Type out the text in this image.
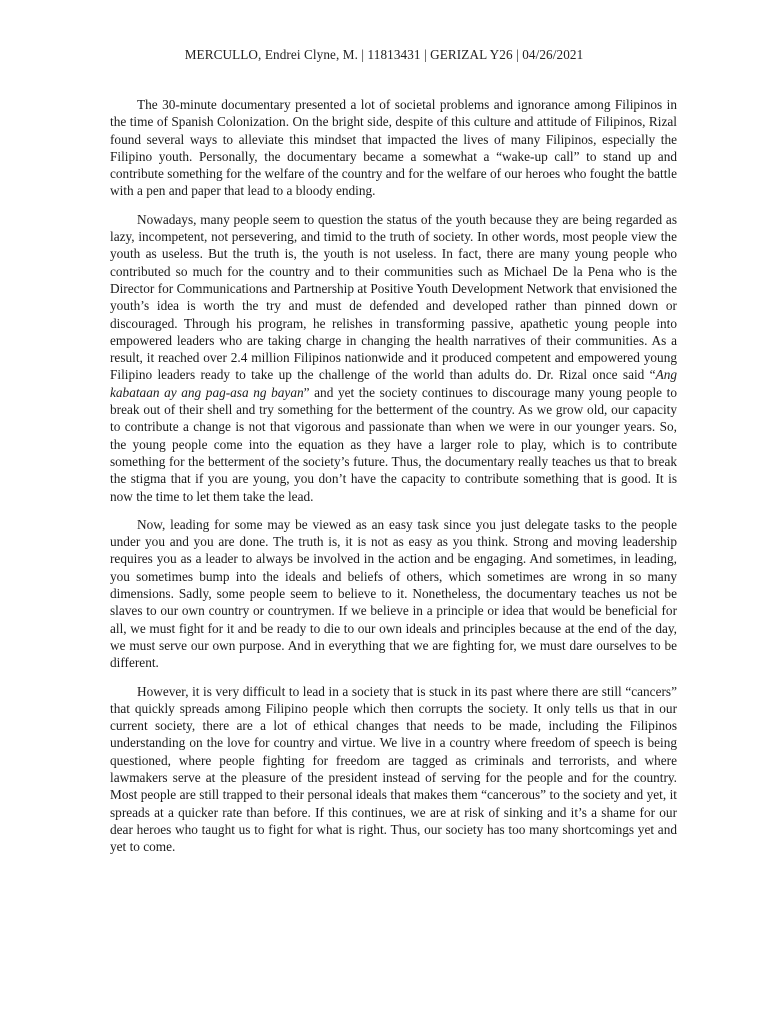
MERCULLO, Endrei Clyne, M. | 11813431 | GERIZAL Y26 | 04/26/2021

The 30-minute documentary presented a lot of societal problems and ignorance among Filipinos in the time of Spanish Colonization. On the bright side, despite of this culture and attitude of Filipinos, Rizal found several ways to alleviate this mindset that impacted the lives of many Filipinos, especially the Filipino youth. Personally, the documentary became a somewhat a “wake-up call” to stand up and contribute something for the welfare of the country and for the welfare of our heroes who fought the battle with a pen and paper that lead to a bloody ending.

Nowadays, many people seem to question the status of the youth because they are being regarded as lazy, incompetent, not persevering, and timid to the truth of society. In other words, most people view the youth as useless. But the truth is, the youth is not useless. In fact, there are many young people who contributed so much for the country and to their communities such as Michael De la Pena who is the Director for Communications and Partnership at Positive Youth Development Network that envisioned the youth’s idea is worth the try and must de defended and developed rather than pinned down or discouraged. Through his program, he relishes in transforming passive, apathetic young people into empowered leaders who are taking charge in changing the health narratives of their communities. As a result, it reached over 2.4 million Filipinos nationwide and it produced competent and empowered young Filipino leaders ready to take up the challenge of the world than adults do. Dr. Rizal once said “Ang kabataan ay ang pag-asa ng bayan” and yet the society continues to discourage many young people to break out of their shell and try something for the betterment of the country. As we grow old, our capacity to contribute a change is not that vigorous and passionate than when we were in our younger years. So, the young people come into the equation as they have a larger role to play, which is to contribute something for the betterment of the society’s future. Thus, the documentary really teaches us that to break the stigma that if you are young, you don’t have the capacity to contribute something that is good. It is now the time to let them take the lead.

Now, leading for some may be viewed as an easy task since you just delegate tasks to the people under you and you are done. The truth is, it is not as easy as you think. Strong and moving leadership requires you as a leader to always be involved in the action and be engaging. And sometimes, in leading, you sometimes bump into the ideals and beliefs of others, which sometimes are wrong in so many dimensions. Sadly, some people seem to believe to it. Nonetheless, the documentary teaches us not be slaves to our own country or countrymen. If we believe in a principle or idea that would be beneficial for all, we must fight for it and be ready to die to our own ideals and principles because at the end of the day, we must serve our own purpose. And in everything that we are fighting for, we must dare ourselves to be different.

However, it is very difficult to lead in a society that is stuck in its past where there are still “cancers” that quickly spreads among Filipino people which then corrupts the society. It only tells us that in our current society, there are a lot of ethical changes that needs to be made, including the Filipinos understanding on the love for country and virtue. We live in a country where freedom of speech is being questioned, where people fighting for freedom are tagged as criminals and terrorists, and where lawmakers serve at the pleasure of the president instead of serving for the people and for the country. Most people are still trapped to their personal ideals that makes them “cancerous” to the society and yet, it spreads at a quicker rate than before. If this continues, we are at risk of sinking and it’s a shame for our dear heroes who taught us to fight for what is right. Thus, our society has too many shortcomings yet and yet to come.
